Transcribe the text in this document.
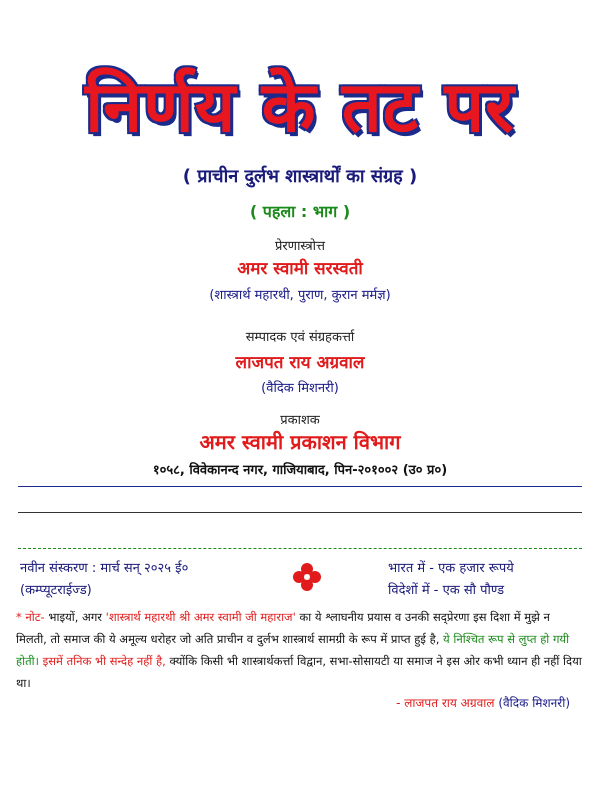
निर्णय के तट पर
( प्राचीन दुर्लभ शास्त्रार्थों का संग्रह )
( पहला : भाग )
प्रेरणास्त्रोत्त
अमर स्वामी सरस्वती
(शास्त्रार्थ महारथी, पुराण, कुरान मर्मज्ञ)
सम्पादक एवं संग्रहकर्त्ता
लाजपत राय अग्रवाल
(वैदिक मिशनरी)
प्रकाशक
अमर स्वामी प्रकाशन विभाग
१०५८, विवेकानन्द नगर, गाजियाबाद, पिन-२०१००२ (उ० प्र०)
नवीन संस्करण : मार्च सन् २०२५ ई०
(कम्प्यूटराईज्ड)
भारत में - एक हजार रूपये
विदेशों में - एक सौ पौण्ड
* नोट- भाइयों, अगर 'शास्त्रार्थ महारथी श्री अमर स्वामी जी महाराज' का ये श्लाघनीय प्रयास व उनकी सद्प्रेरणा इस दिशा में मुझे न मिलती, तो समाज की ये अमूल्य धरोहर जो अति प्राचीन व दुर्लभ शास्त्रार्थ सामग्री के रूप में प्राप्त हुई है, ये निश्चित रूप से लुप्त हो गयी होती। इसमें तनिक भी सन्देह नहीं है, क्योंकि किसी भी शास्त्रार्थकर्त्ता विद्वान, सभा-सोसायटी या समाज ने इस ओर कभी ध्यान ही नहीं दिया था।
- लाजपत राय अग्रवाल (वैदिक मिशनरी)
